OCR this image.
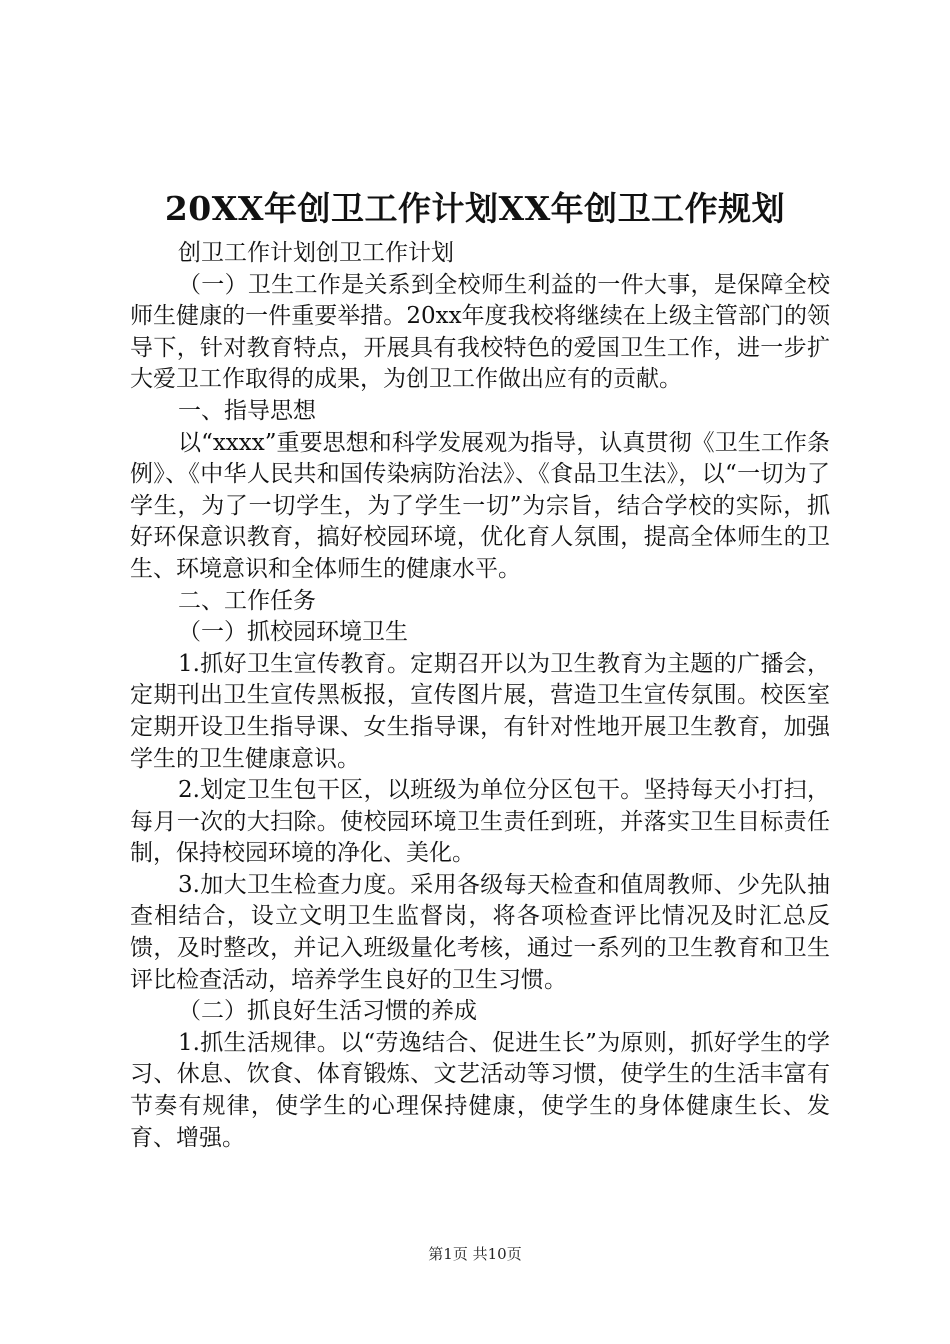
20XX年创卫工作计划XX年创卫工作规划

创卫工作计划创卫工作计划

（一）卫生工作是关系到全校师生利益的一件大事，是保障全校师生健康的一件重要举措。20xx年度我校将继续在上级主管部门的领导下，针对教育特点，开展具有我校特色的爱国卫生工作，进一步扩大爱卫工作取得的成果，为创卫工作做出应有的贡献。

一、指导思想

以“xxxx”重要思想和科学发展观为指导，认真贯彻《卫生工作条例》、《中华人民共和国传染病防治法》、《食品卫生法》，以“一切为了学生，为了一切学生，为了学生一切”为宗旨，结合学校的实际，抓好环保意识教育，搞好校园环境，优化育人氛围，提高全体师生的卫生、环境意识和全体师生的健康水平。

二、工作任务

（一）抓校园环境卫生

1.抓好卫生宣传教育。定期召开以为卫生教育为主题的广播会，定期刊出卫生宣传黑板报，宣传图片展，营造卫生宣传氛围。校医室定期开设卫生指导课、女生指导课，有针对性地开展卫生教育，加强学生的卫生健康意识。

2.划定卫生包干区，以班级为单位分区包干。坚持每天小打扫，每月一次的大扫除。使校园环境卫生责任到班，并落实卫生目标责任制，保持校园环境的净化、美化。

3.加大卫生检查力度。采用各级每天检查和值周教师、少先队抽查相结合，设立文明卫生监督岗，将各项检查评比情况及时汇总反馈，及时整改，并记入班级量化考核，通过一系列的卫生教育和卫生评比检查活动，培养学生良好的卫生习惯。

（二）抓良好生活习惯的养成

1.抓生活规律。以“劳逸结合、促进生长”为原则，抓好学生的学习、休息、饮食、体育锻炼、文艺活动等习惯，使学生的生活丰富有节奏有规律，使学生的心理保持健康，使学生的身体健康生长、发育、增强。

第1页 共10页
